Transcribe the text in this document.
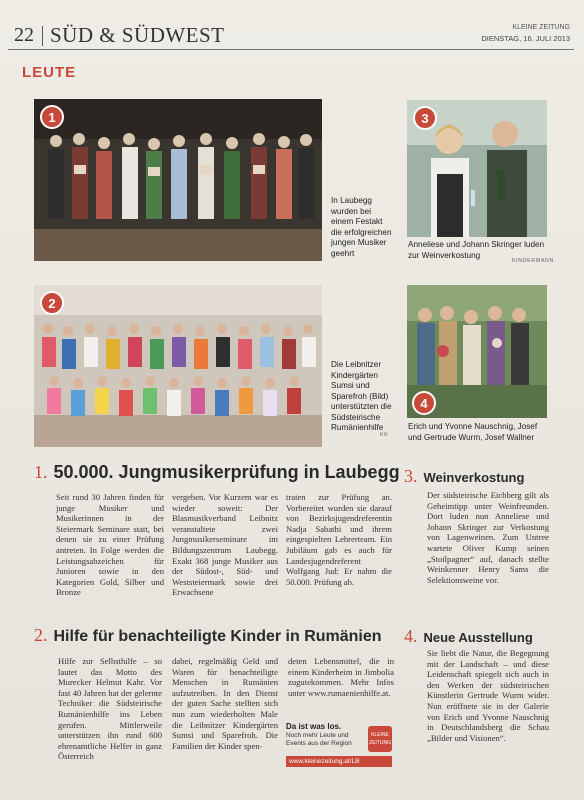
22 SÜD & SÜDWEST	KLEINE ZEITUNG
DIENSTAG, 16. JULI 2013
LEUTE
1
In Laubegg wurden bei einem Festakt die erfolgreichen jungen Musiker geehrt
3
Anneliese und Johann Skringer luden zur Weinverkostung
KINDERMANN
2
Die Leibnitzer Kindergärten Sumsi und Sparefroh (Bild) unterstützten die Südsteirische Rumänienhilfe
KK
4
Erich und Yvonne Nauschnig, Josef und Gertrude Wurm, Josef Wallner
1. 50.000. Jungmusikerprüfung in Laubegg
Seit rund 30 Jahren finden für junge Musiker und Musikerinnen in der Steiermark Seminare statt, bei denen sie zu einer Prüfung antreten. In Folge werden die Leistungsabzeichen für Junioren sowie in den Kategorien Gold, Silber und Bronze
vergeben. Vor Kurzem war es wieder soweit: Der Blasmusikverband Leibnitz veranstaltete zwei Jungmusikerseminare im Bildungszentrum Laubegg. Exakt 368 junge Musiker aus der Südost-, Süd- und Weststeiermark sowie drei Erwachsene
traten zur Prüfung an. Vorbereitet wurden sie darauf von Bezirksjugendreferentin Nadja Sabathi und ihrem eingespielten Lehrerteam. Ein Jubiläum gab es auch für Landesjugendreferent Wolfgang Jud: Er nahm die 50.000. Prüfung ab.
3. Weinverkostung
Der südsteirische Eichberg gilt als Geheimtipp unter Weinfreunden. Dort luden nun Anneliese und Johann Skringer zur Verkostung von Lagenweinen. Zum Untree wartete Oliver Kump seinen „Stoilpagner“ auf, danach stellte Weinkenner Henry Sams die Selektionsweine vor.
2. Hilfe für benachteiligte Kinder in Rumänien
Hilfe zur Selbsthilfe – so lautet das Motto des Murecker Helmut Kahr. Vor fast 40 Jahren hat der gelernte Techniker die Südsteirische Rumänienhilfe ins Leben gerufen. Mittlerweile unterstützen ihn rund 600 ehrenamtliche Helfer in ganz Österreich
dabei, regelmäßig Geld und Waren für benachteiligte Menschen in Rumänien aufzutreiben. In den Dienst der guten Sache stellten sich nun zum wiederholten Male die Leibnitzer Kindergärten Sumsi und Sparefroh. Die Familien der Kinder spen-
deten Lebensmittel, die in einem Kinderheim in Jimbolia zugutekommen. Mehr Infos unter www.rumaenienhilfe.at.
Da ist was los.
Noch mehr Leute und Events aus der Region
KLEINE ZEITUNG
www.kleinezeitung.at/LB
4. Neue Ausstellung
Sie liebt die Natur, die Begegnung mit der Landschaft – und diese Leidenschaft spiegelt sich auch in den Werken der südsteirischen Künstlerin Gertrude Wurm wider. Nun eröffnete sie in der Galerie von Erich und Yvonne Nauschnig in Deutschlandsberg die Schau „Bilder und Visionen“.
